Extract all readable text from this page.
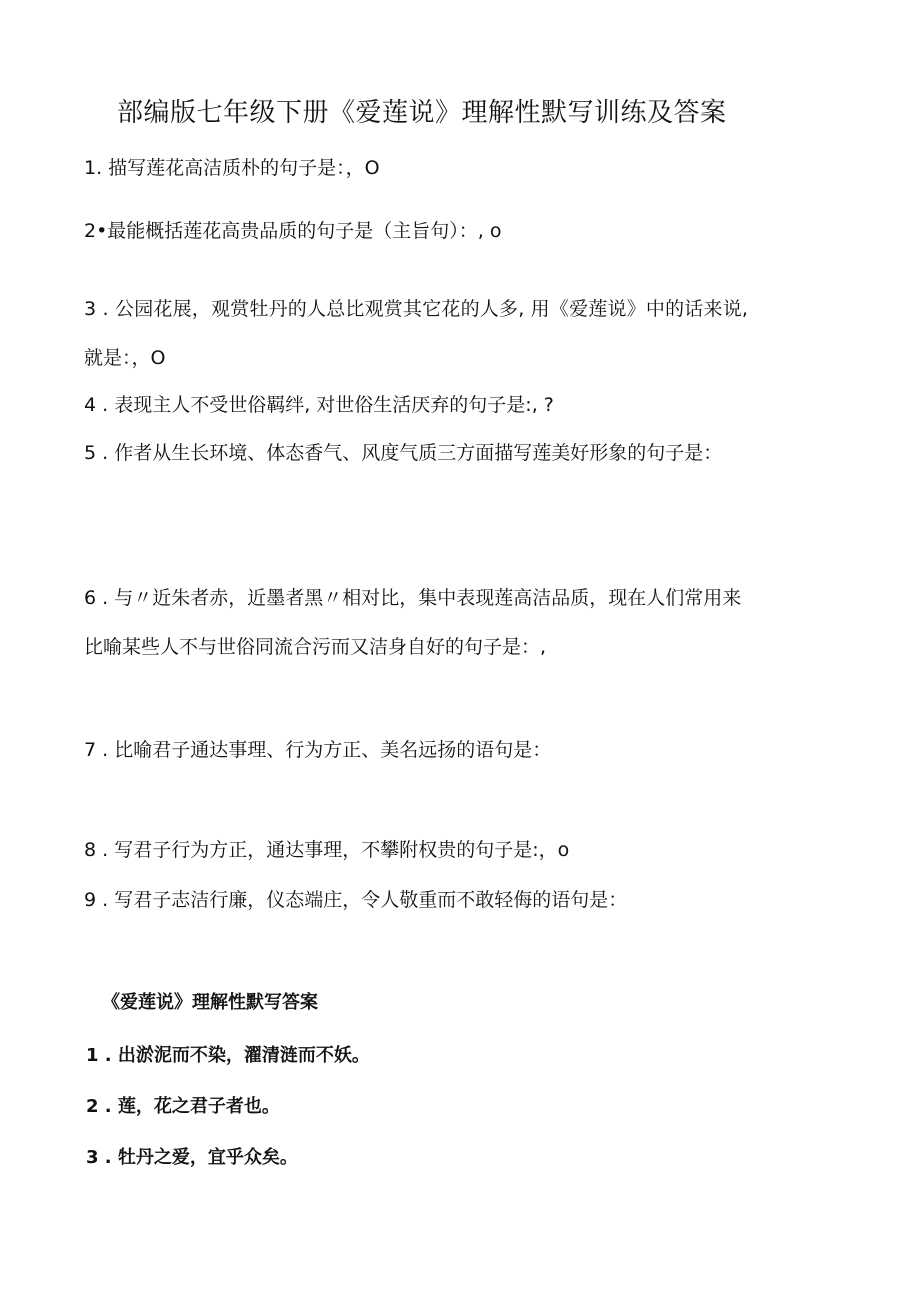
部编版七年级下册《爱莲说》理解性默写训练及答案
1. 描写莲花高洁质朴的句子是：，O
2•最能概括莲花高贵品质的句子是（主旨句）：, o
3 . 公园花展，观赏牡丹的人总比观赏其它花的人多, 用《爱莲说》中的话来说,
就是：，O
4 . 表现主人不受世俗羁绊, 对世俗生活厌弃的句子是:, ?
5 . 作者从生长环境、体态香气、风度气质三方面描写莲美好形象的句子是：
6 . 与〃近朱者赤，近墨者黑〃相对比，集中表现莲高洁品质，现在人们常用来
比喻某些人不与世俗同流合污而又洁身自好的句子是：,
7 . 比喻君子通达事理、行为方正、美名远扬的语句是：
8 . 写君子行为方正，通达事理，不攀附权贵的句子是:，o
9 . 写君子志洁行廉，仪态端庄，令人敬重而不敢轻侮的语句是：
《爱莲说》理解性默写答案
1 . 出淤泥而不染，濯清涟而不妖。
2 . 莲，花之君子者也。
3 . 牡丹之爱，宜乎众矣。
